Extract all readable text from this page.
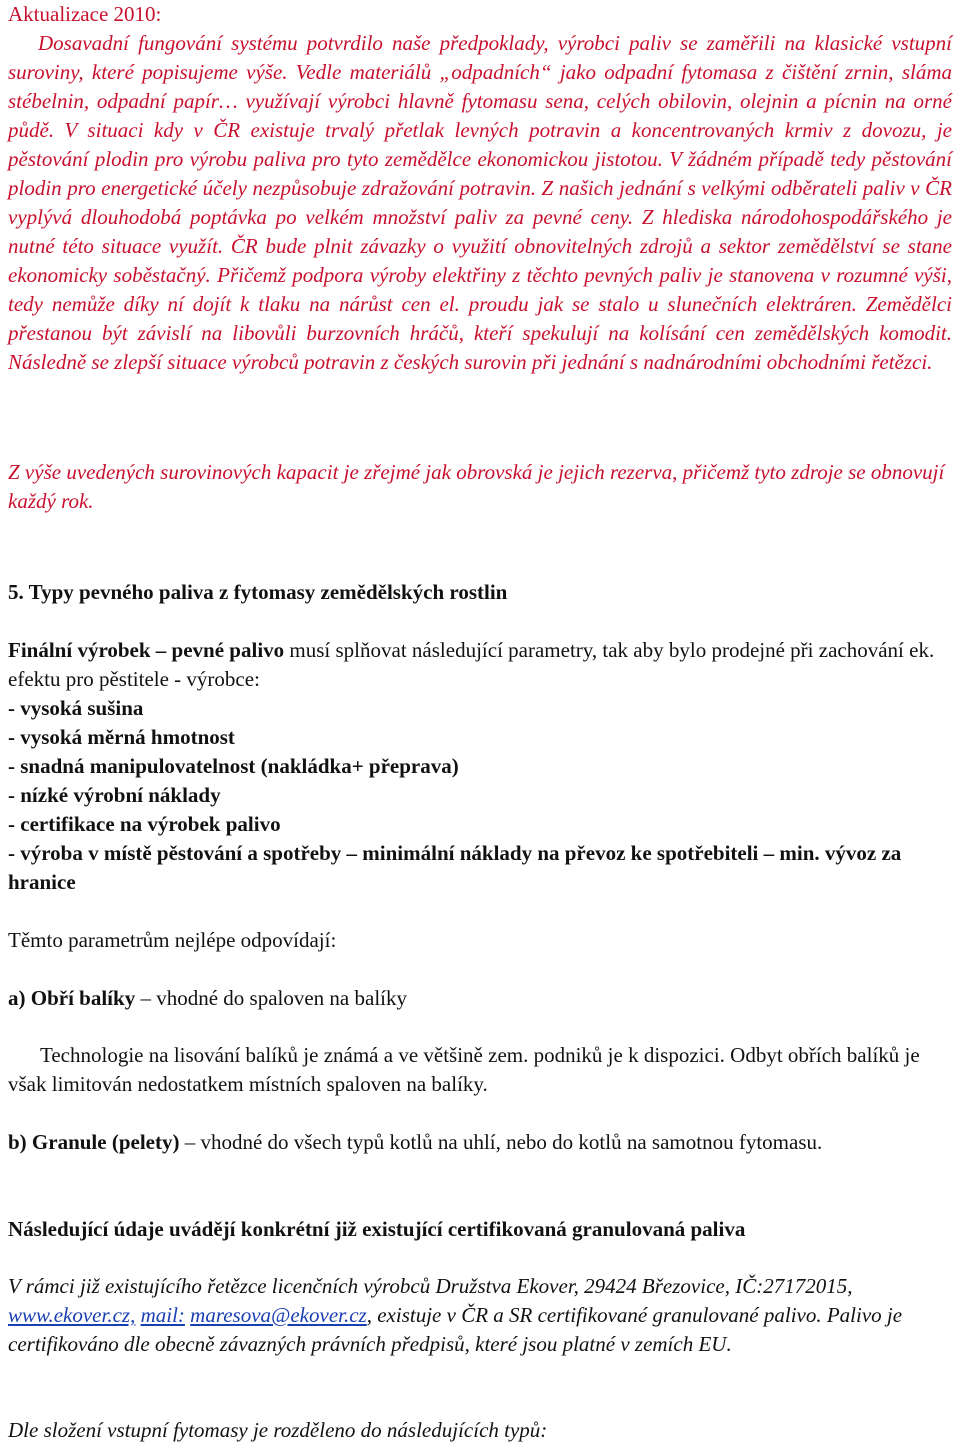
Aktualizace 2010:

Dosavadní fungování systému potvrdilo naše předpoklady, výrobci paliv se zaměřili na klasické vstupní suroviny, které popisujeme výše. Vedle materiálů „odpadních“ jako odpadní fytomasa z čištění zrnin, sláma stébelnin, odpadní papír… využívají výrobci hlavně fytomasu sena, celých obilovin, olejnin a pícnin na orné půdě. V situaci kdy v ČR existuje trvalý přetlak levných potravin a koncentrovaných krmiv z dovozu, je pěstování plodin pro výrobu paliva pro tyto zemědělce ekonomickou jistotou. V žádném případě tedy pěstování plodin pro energetické účely nezpůsobuje zdražování potravin. Z našich jednání s velkými odběrateli paliv v ČR vyplývá dlouhodobá poptávka po velkém množství paliv za pevné ceny. Z hlediska národohospodářského je nutné této situace využít. ČR bude plnit závazky o využití obnovitelných zdrojů a sektor zemědělství se stane ekonomicky soběstačný. Přičemž podpora výroby elektřiny z těchto pevných paliv je stanovena v rozumné výši, tedy nemůže díky ní dojít k tlaku na nárůst cen el. proudu jak se stalo u slunečních elektráren. Zemědělci přestanou být závislí na libovůli burzovních hráčů, kteří spekulují na kolísání cen zemědělských komodit. Následně se zlepší situace výrobců potravin z českých surovin při jednání s nadnárodními obchodními řetězci.

Z výše uvedených surovinových kapacit je zřejmé jak obrovská je jejich rezerva, přičemž tyto zdroje se obnovují každý rok.

5. Typy pevného paliva z fytomasy zemědělských rostlin

Finální výrobek – pevné palivo musí splňovat následující parametry, tak aby bylo prodejné při zachování ek. efektu pro pěstitele - výrobce:

- vysoká sušina

- vysoká měrná hmotnost

- snadná manipulovatelnost (nakládka+ přeprava)

- nízké výrobní náklady

- certifikace na výrobek palivo

- výroba v místě pěstování a spotřeby – minimální náklady na převoz ke spotřebiteli – min. vývoz za hranice

Těmto parametrům nejlépe odpovídají:

a) Obří balíky – vhodné do spaloven na balíky

Technologie na lisování balíků je známá a ve většině zem. podniků je k dispozici. Odbyt obřích balíků je však limitován nedostatkem místních spaloven na balíky.

b) Granule (pelety) – vhodné do všech typů kotlů na uhlí, nebo do kotlů na samotnou fytomasu.

Následující údaje uvádějí konkrétní již existující certifikovaná granulovaná paliva

V rámci již existujícího řetězce licenčních výrobců Družstva Ekover, 29424 Březovice, IČ:27172015, www.ekover.cz, mail: maresova@ekover.cz, existuje v ČR a SR certifikované granulované palivo. Palivo je certifikováno dle obecně závazných právních předpisů, které jsou platné v zemích EU.

Dle složení vstupní fytomasy je rozděleno do následujících typů:
